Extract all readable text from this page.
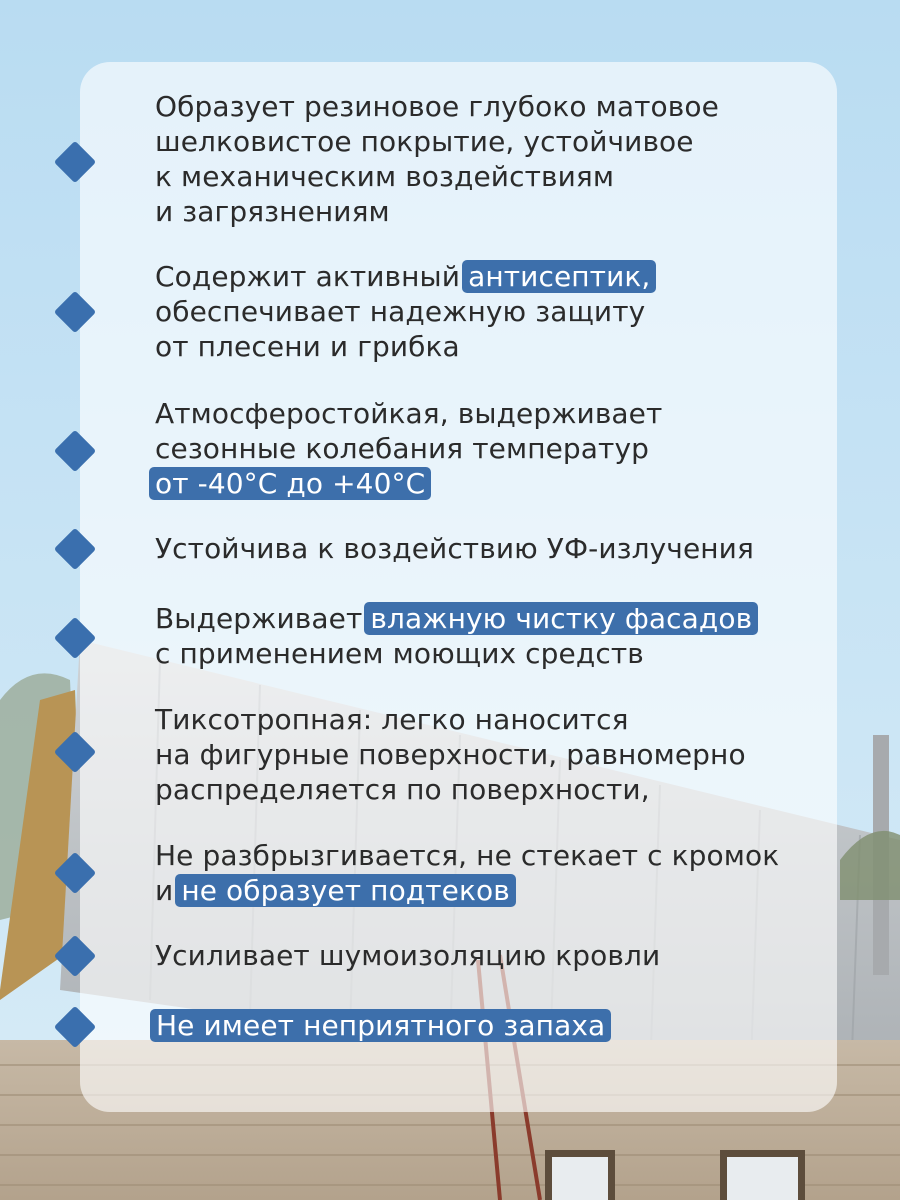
Образует резиновое глубоко матовое
шелковистое покрытие, устойчивое
к механическим воздействиям
и загрязнениям
Содержит активный антисептик,
обеспечивает надежную защиту
от плесени и грибка
Атмосферостойкая, выдерживает
сезонные колебания температур
от -40°С до +40°С
Устойчива к воздействию УФ-излучения
Выдерживает влажную чистку фасадов
с применением моющих средств
Тиксотропная: легко наносится
на фигурные поверхности, равномерно
распределяется по поверхности,
Не разбрызгивается, не стекает с кромок
и не образует подтеков
Усиливает шумоизоляцию кровли
Не имеет неприятного запаха
